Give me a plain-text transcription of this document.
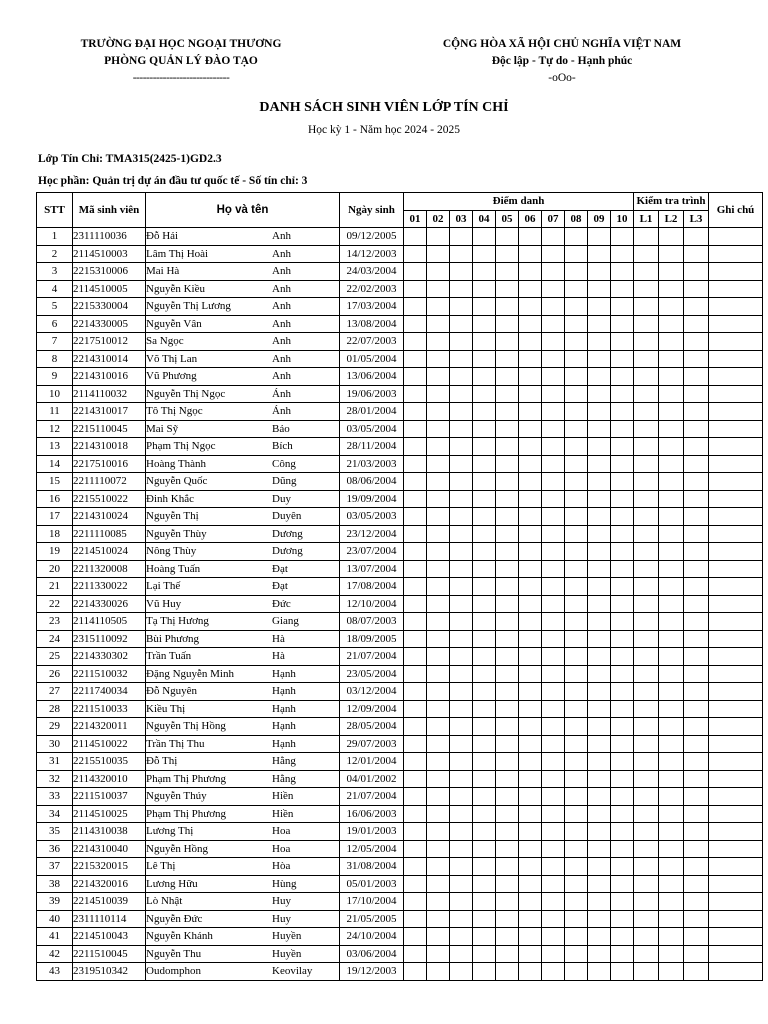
TRƯỜNG ĐẠI HỌC NGOẠI THƯƠNG
PHÒNG QUẢN LÝ ĐÀO TẠO
-----------------------------
CỘNG HÒA XÃ HỘI CHỦ NGHĨA VIỆT NAM
Độc lập - Tự do - Hạnh phúc
-oOo-
DANH SÁCH SINH VIÊN LỚP TÍN CHỈ
Học kỳ 1 - Năm học 2024 - 2025
Lớp Tín Chỉ: TMA315(2425-1)GD2.3
Học phần: Quản trị dự án đầu tư quốc tế - Số tín chỉ: 3
STT	Mã sinh viên	Họ và tên	Ngày sinh	Điểm danh										Kiểm tra trình			Ghi chú
				01	02	03	04	05	06	07	08	09	10	L1	L2	L3	
1	2311110036	Đỗ Hải Anh	09/12/2005														
2	2114510003	Lâm Thị Hoài Anh	14/12/2003														
3	2215310006	Mai Hà Anh	24/03/2004														
4	2114510005	Nguyễn Kiều Anh	22/02/2003														
5	2215330004	Nguyễn Thị Lương Anh	17/03/2004														
6	2214330005	Nguyễn Vân Anh	13/08/2004														
7	2217510012	Sa Ngọc Anh	22/07/2003														
8	2214310014	Võ Thị Lan Anh	01/05/2004														
9	2214310016	Vũ Phương Anh	13/06/2004														
10	2114110032	Nguyễn Thị Ngọc Ánh	19/06/2003														
11	2214310017	Tô Thị Ngọc Ánh	28/01/2004														
12	2215110045	Mai Sỹ Bảo	03/05/2004														
13	2214310018	Phạm Thị Ngọc Bích	28/11/2004														
14	2217510016	Hoàng Thành Công	21/03/2003														
15	2211110072	Nguyễn Quốc Dũng	08/06/2004														
16	2215510022	Đinh Khắc Duy	19/09/2004														
17	2214310024	Nguyễn Thị Duyên	03/05/2003														
18	2211110085	Nguyễn Thùy Dương	23/12/2004														
19	2214510024	Nông Thùy Dương	23/07/2004														
20	2211320008	Hoàng Tuấn Đạt	13/07/2004														
21	2211330022	Lại Thế Đạt	17/08/2004														
22	2214330026	Vũ Huy Đức	12/10/2004														
23	2114110505	Tạ Thị Hương Giang	08/07/2003														
24	2315110092	Bùi Phương Hà	18/09/2005														
25	2214330302	Trần Tuấn Hà	21/07/2004														
26	2211510032	Đặng Nguyễn Minh Hạnh	23/05/2004														
27	2211740034	Đỗ Nguyên Hạnh	03/12/2004														
28	2211510033	Kiều Thị Hạnh	12/09/2004														
29	2214320011	Nguyễn Thị Hồng Hạnh	28/05/2004														
30	2114510022	Trần Thị Thu Hạnh	29/07/2003														
31	2215510035	Đỗ Thị Hằng	12/01/2004														
32	2114320010	Phạm Thị Phương Hằng	04/01/2002														
33	2211510037	Nguyễn Thúy Hiền	21/07/2004														
34	2114510025	Phạm Thị Phương Hiền	16/06/2003														
35	2114310038	Lương Thị Hoa	19/01/2003														
36	2214310040	Nguyễn Hồng Hoa	12/05/2004														
37	2215320015	Lê Thị Hòa	31/08/2004														
38	2214320016	Lương Hữu Hùng	05/01/2003														
39	2214510039	Lò Nhật Huy	17/10/2004														
40	2311110114	Nguyễn Đức Huy	21/05/2005														
41	2214510043	Nguyễn Khánh Huyền	24/10/2004														
42	2211510045	Nguyễn Thu Huyền	03/06/2004														
43	2319510342	Oudomphon Keovilay	19/12/2003														
